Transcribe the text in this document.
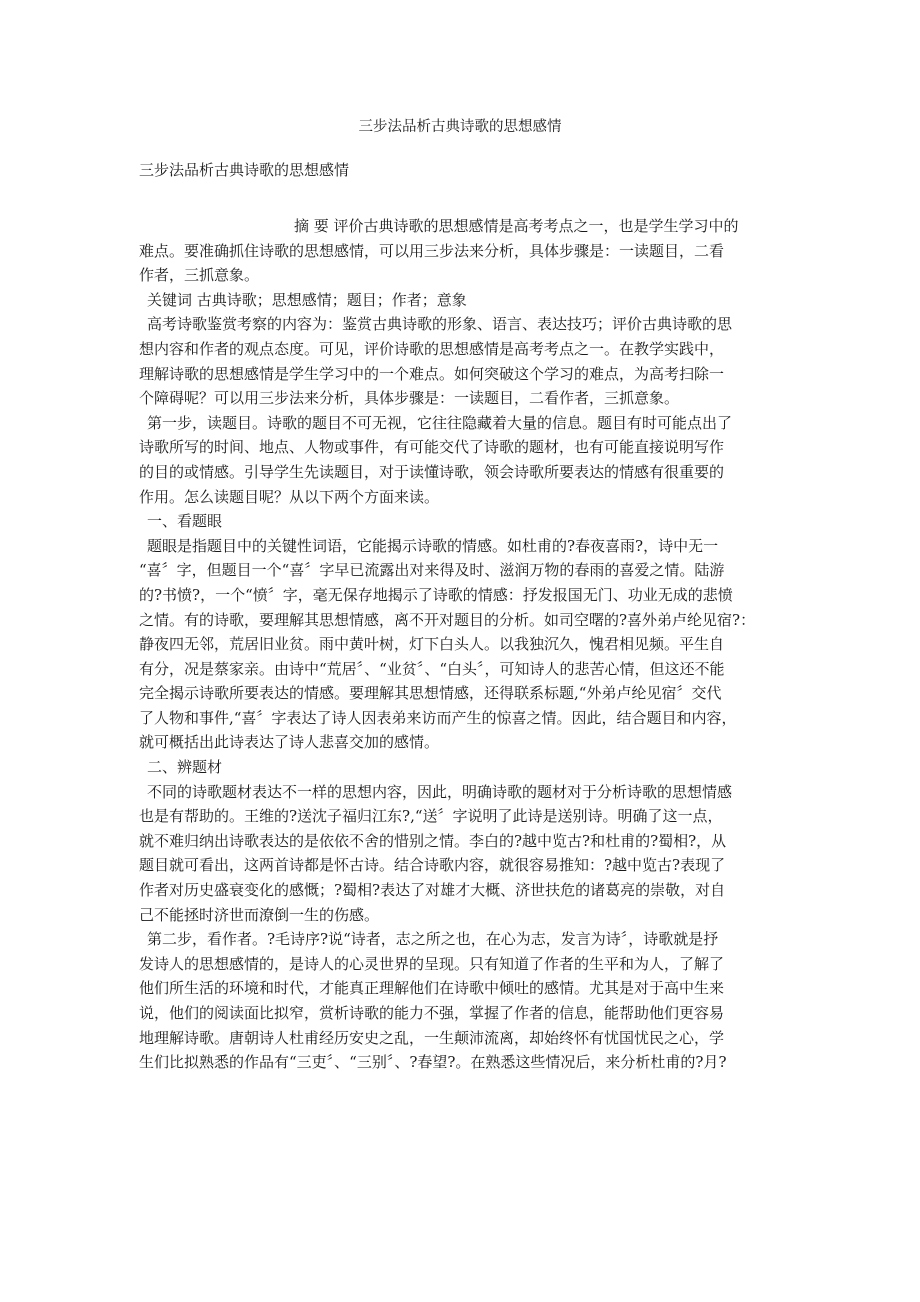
三步法品析古典诗歌的思想感情
三步法品析古典诗歌的思想感情
摘 要 评价古典诗歌的思想感情是高考考点之一，也是学生学习中的
难点。要准确抓住诗歌的思想感情，可以用三步法来分析，具体步骤是：一读题目，二看
作者，三抓意象。
关键词 古典诗歌；思想感情；题目；作者；意象
高考诗歌鉴赏考察的内容为：鉴赏古典诗歌的形象、语言、表达技巧；评价古典诗歌的思
想内容和作者的观点态度。可见，评价诗歌的思想感情是高考考点之一。在教学实践中，
理解诗歌的思想感情是学生学习中的一个难点。如何突破这个学习的难点，为高考扫除一
个障碍呢？可以用三步法来分析，具体步骤是：一读题目，二看作者，三抓意象。
第一步，读题目。诗歌的题目不可无视，它往往隐藏着大量的信息。题目有时可能点出了
诗歌所写的时间、地点、人物或事件，有可能交代了诗歌的题材，也有可能直接说明写作
的目的或情感。引导学生先读题目，对于读懂诗歌，领会诗歌所要表达的情感有很重要的
作用。怎么读题目呢？从以下两个方面来读。
一、看题眼
题眼是指题目中的关键性词语，它能揭示诗歌的情感。如杜甫的?春夜喜雨?，诗中无一
“喜〞字，但题目一个“喜〞字早已流露出对来得及时、滋润万物的春雨的喜爱之情。陆游
的?书愤?，一个“愤〞字，毫无保存地揭示了诗歌的情感：抒发报国无门、功业无成的悲愤
之情。有的诗歌，要理解其思想情感，离不开对题目的分析。如司空曙的?喜外弟卢纶见宿?：
静夜四无邻，荒居旧业贫。雨中黄叶树，灯下白头人。以我独沉久，愧君相见频。平生自
有分，况是蔡家亲。由诗中“荒居〞、“业贫〞、“白头〞，可知诗人的悲苦心情，但这还不能
完全揭示诗歌所要表达的情感。要理解其思想情感，还得联系标题,“外弟卢纶见宿〞交代
了人物和事件,“喜〞字表达了诗人因表弟来访而产生的惊喜之情。因此，结合题目和内容，
就可概括出此诗表达了诗人悲喜交加的感情。
二、辨题材
不同的诗歌题材表达不一样的思想内容，因此，明确诗歌的题材对于分析诗歌的思想情感
也是有帮助的。王维的?送沈子福归江东?,“送〞字说明了此诗是送别诗。明确了这一点，
就不难归纳出诗歌表达的是依依不舍的惜别之情。李白的?越中览古?和杜甫的?蜀相?，从
题目就可看出，这两首诗都是怀古诗。结合诗歌内容，就很容易推知：?越中览古?表现了
作者对历史盛衰变化的感慨；?蜀相?表达了对雄才大概、济世扶危的诸葛亮的崇敬，对自
己不能拯时济世而潦倒一生的伤感。
第二步，看作者。?毛诗序?说“诗者，志之所之也，在心为志，发言为诗〞，诗歌就是抒
发诗人的思想感情的，是诗人的心灵世界的呈现。只有知道了作者的生平和为人，了解了
他们所生活的环境和时代，才能真正理解他们在诗歌中倾吐的感情。尤其是对于高中生来
说，他们的阅读面比拟窄，赏析诗歌的能力不强，掌握了作者的信息，能帮助他们更容易
地理解诗歌。唐朝诗人杜甫经历安史之乱，一生颠沛流离，却始终怀有忧国忧民之心，学
生们比拟熟悉的作品有“三吏〞、“三别〞、?春望?。在熟悉这些情况后，来分析杜甫的?月?
